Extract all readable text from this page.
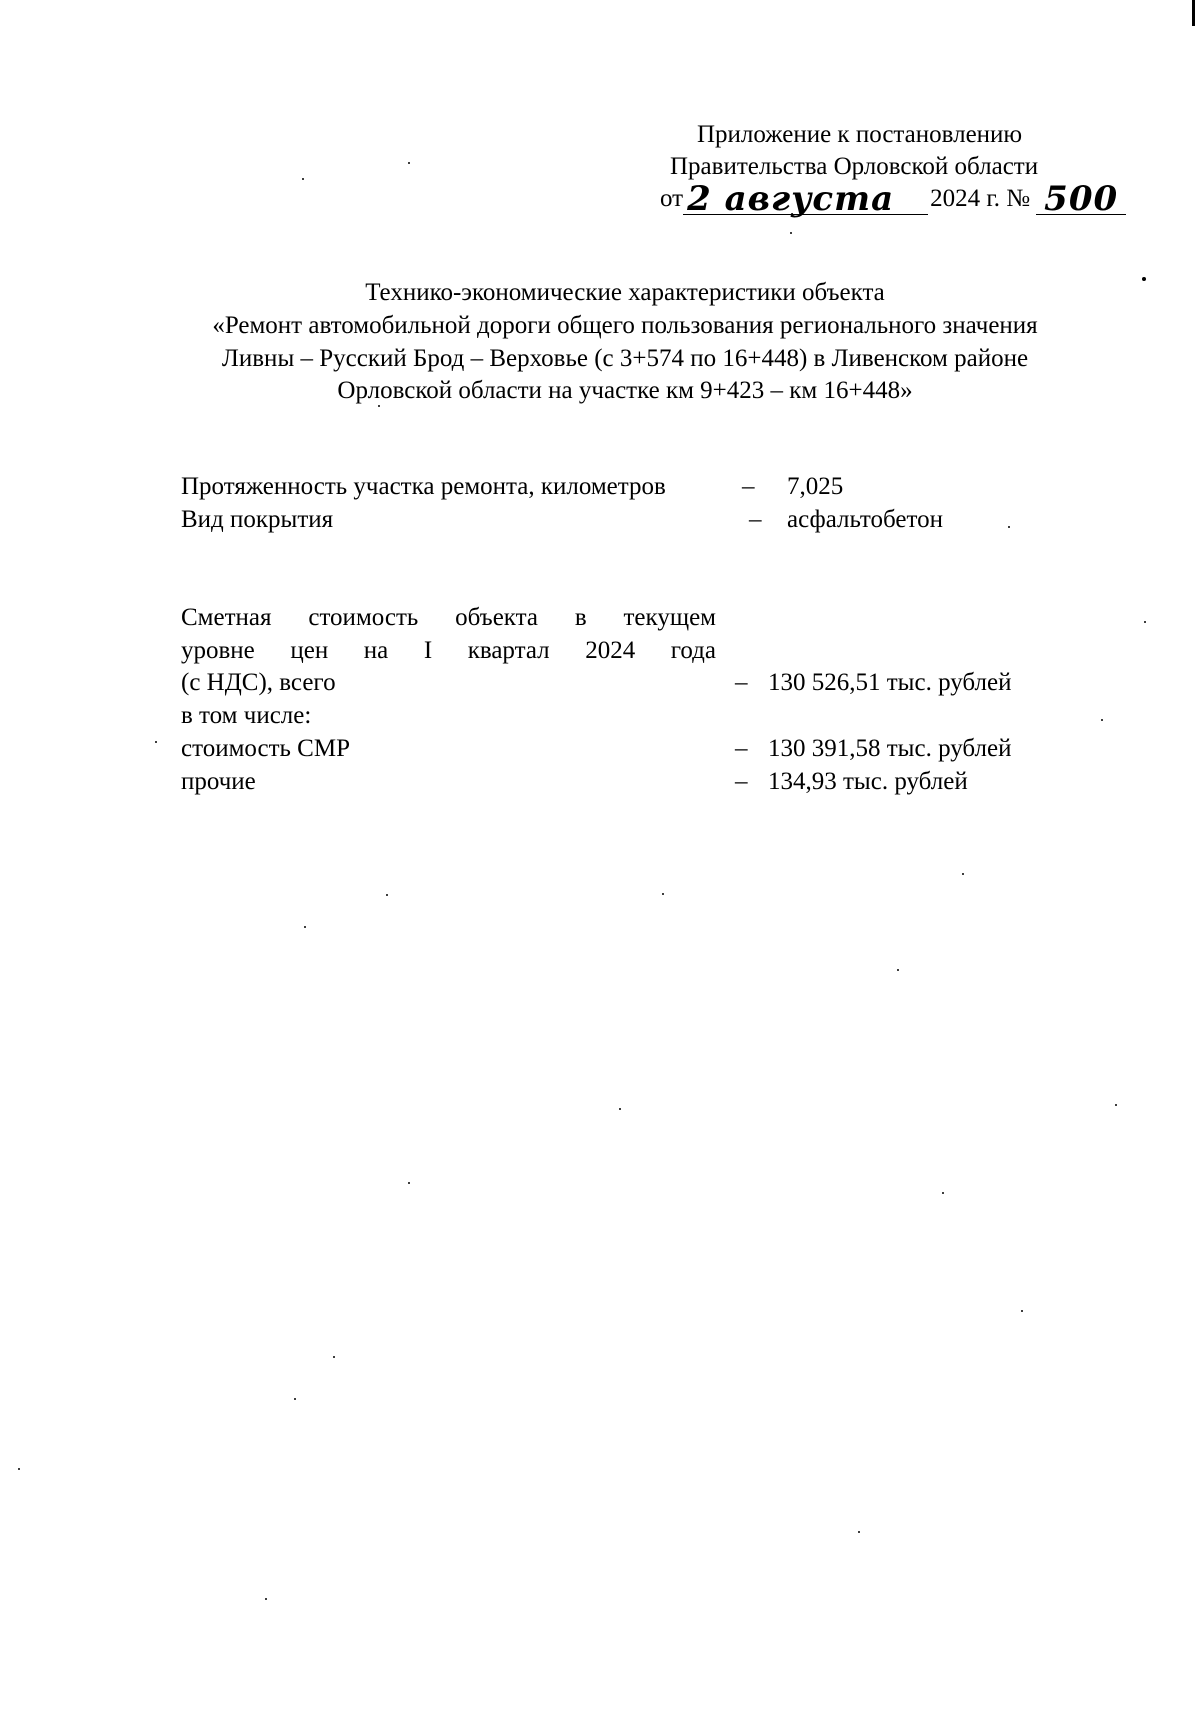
Приложение к постановлению
Правительства Орловской области
от 2 августа 2024 г. № 500
Технико-экономические характеристики объекта
«Ремонт автомобильной дороги общего пользования регионального значения
Ливны – Русский Брод – Верховье (с 3+574 по 16+448) в Ливенском районе
Орловской области на участке км 9+423 – км 16+448»
Протяженность участка ремонта, километров	– 7,025
Вид покрытия	– асфальтобетон
Сметная стоимость объекта в текущем
уровне цен на I квартал 2024 года
(с НДС), всего	– 130 526,51 тыс. рублей
в том числе:
стоимость СМР	– 130 391,58 тыс. рублей
прочие	– 134,93 тыс. рублей
